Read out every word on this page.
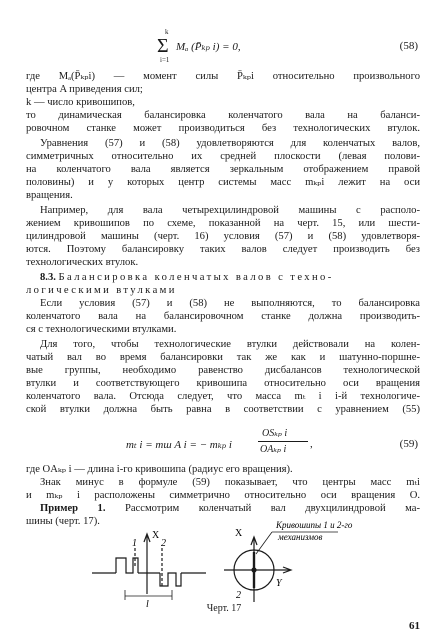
k
Σ
i=1
Mₐ (P̄ₖₚ i) = 0,	(58)
где Mₐ(P̄ₖₚi) — момент силы P̄ₖₚi относительно произвольного
центра A приведения сил;
k — число кривошипов,
то динамическая балансировка коленчатого вала на баланси-
ровочном станке может производиться без технологических втулок.
Уравнения (57) и (58) удовлетворяются для коленчатых валов,
симметричных относительно их средней плоскости (левая полови-
на коленчатого вала является зеркальным отображением правой
половины) и у которых центр системы масс mₖₚi лежит на оси
вращения.
Например, для вала четырехцилиндровой машины с располо-
жением кривошипов по схеме, показанной на черт. 15, или шести-
цилиндровой машины (черт. 16) условия (57) и (58) удовлетворя-
ются. Поэтому балансировку таких валов следует производить без
технологических втулок.
8.3. Балансировка коленчатых валов с техно-
логическими втулками
Если условия (57) и (58) не выполняются, то балансировка
коленчатого вала на балансировочном станке должна производить-
ся с технологическими втулками.
Для того, чтобы технологические втулки действовали на колен-
чатый вал во время балансировки так же как и шатунно-поршне-
вые группы, необходимо равенство дисбалансов технологической
втулки и соответствующего кривошипа относительно оси вращения
коленчатого вала. Отсюда следует, что масса mₜ i i-й технологиче-
ской втулки должна быть равна в соответствии с уравнением (55)
mₜ i = mш A i = − mₖₚ i
OSₖₚ i
OAₖₚ i ,	(59)
где OAₖₚ i — длина i-го кривошипа (радиус его вращения).
Знак минус в формуле (59) показывает, что центры масс mₜi
и mₖₚ i расположены симметрично относительно оси вращения O.
Пример 1. Рассмотрим коленчатый вал двухцилиндровой ма-
шины (черт. 17).
X
1 2
l
X
Y
2
Кривошипы 1 и 2-го
механизмов
Черт. 17
61
